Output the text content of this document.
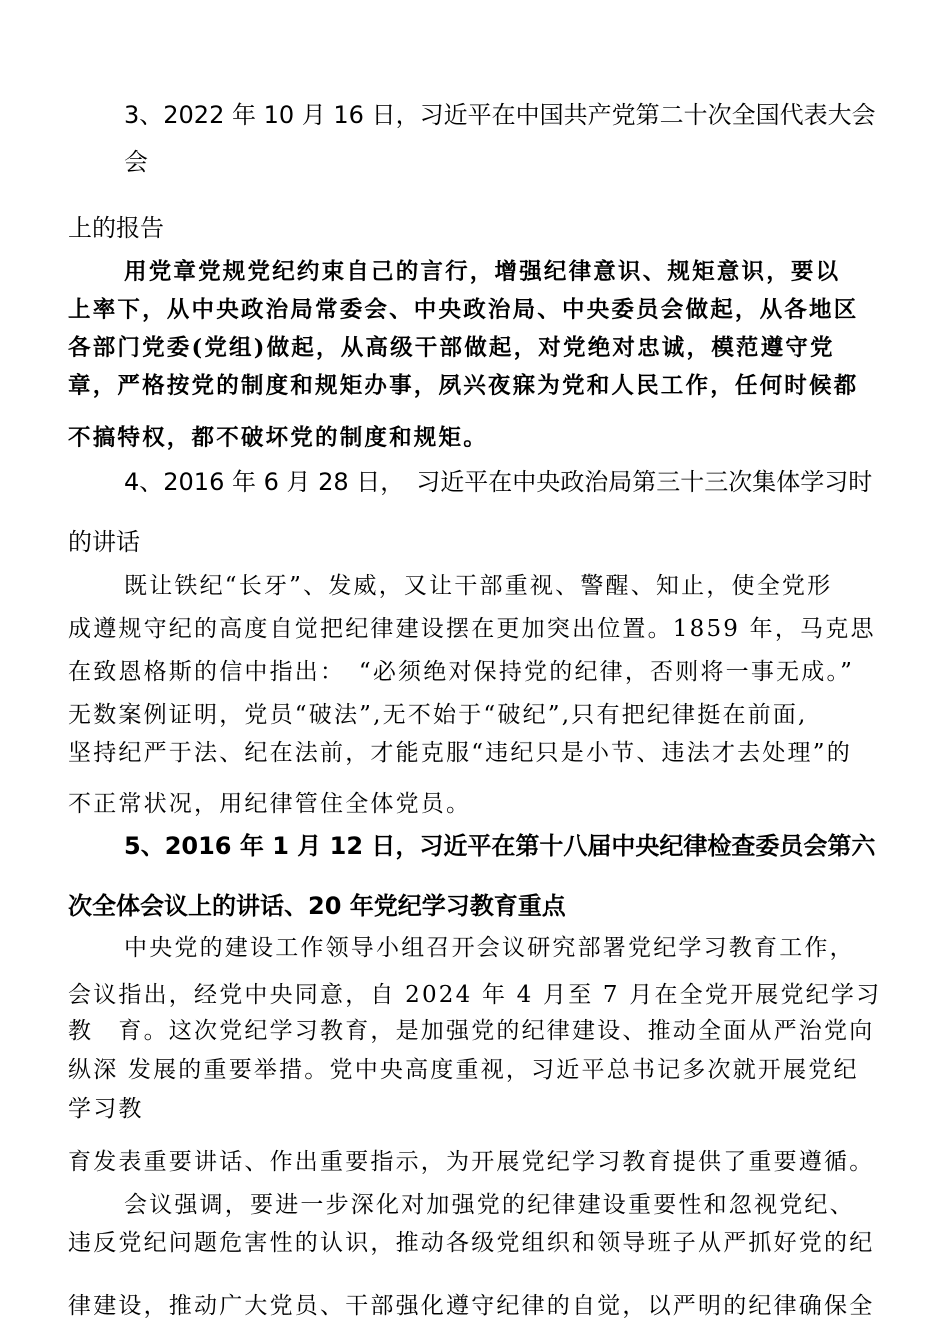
3、2022 年 10 月 16 日，习近平在中国共产党第二十次全国代表大会

会

上的报告

用党章党规党纪约束自己的言行，增强纪律意识、规矩意识，要以

上率下，从中央政治局常委会、中央政治局、中央委员会做起，从各地区

各部门党委(党组)做起，从高级干部做起，对党绝对忠诚，模范遵守党

章，严格按党的制度和规矩办事，夙兴夜寐为党和人民工作，任何时候都

不搞特权，都不破坏党的制度和规矩。

4、2016 年 6 月 28 日，　习近平在中央政治局第三十三次集体学习时

的讲话

既让铁纪“长牙”、发威，又让干部重视、警醒、知止，使全党形

成遵规守纪的高度自觉把纪律建设摆在更加突出位置。1859 年，马克思

在致恩格斯的信中指出：　“必须绝对保持党的纪律，否则将一事无成。”

无数案例证明，党员“破法”,无不始于“破纪”,只有把纪律挺在前面,

坚持纪严于法、纪在法前，才能克服“违纪只是小节、违法才去处理”的

不正常状况，用纪律管住全体党员。

5、2016 年 1 月 12 日，习近平在第十八届中央纪律检查委员会第六

次全体会议上的讲话、20 年党纪学习教育重点

中央党的建设工作领导小组召开会议研究部署党纪学习教育工作，

会议指出，经党中央同意，自 2024 年 4 月至 7 月在全党开展党纪学习

教　育。这次党纪学习教育，是加强党的纪律建设、推动全面从严治党向

纵深 发展的重要举措。党中央高度重视，习近平总书记多次就开展党纪

学习教

育发表重要讲话、作出重要指示，为开展党纪学习教育提供了重要遵循。

会议强调，要进一步深化对加强党的纪律建设重要性和忽视党纪、

违反党纪问题危害性的认识，推动各级党组织和领导班子从严抓好党的纪

律建设，推动广大党员、干部强化遵守纪律的自觉，以严明的纪律确保全
